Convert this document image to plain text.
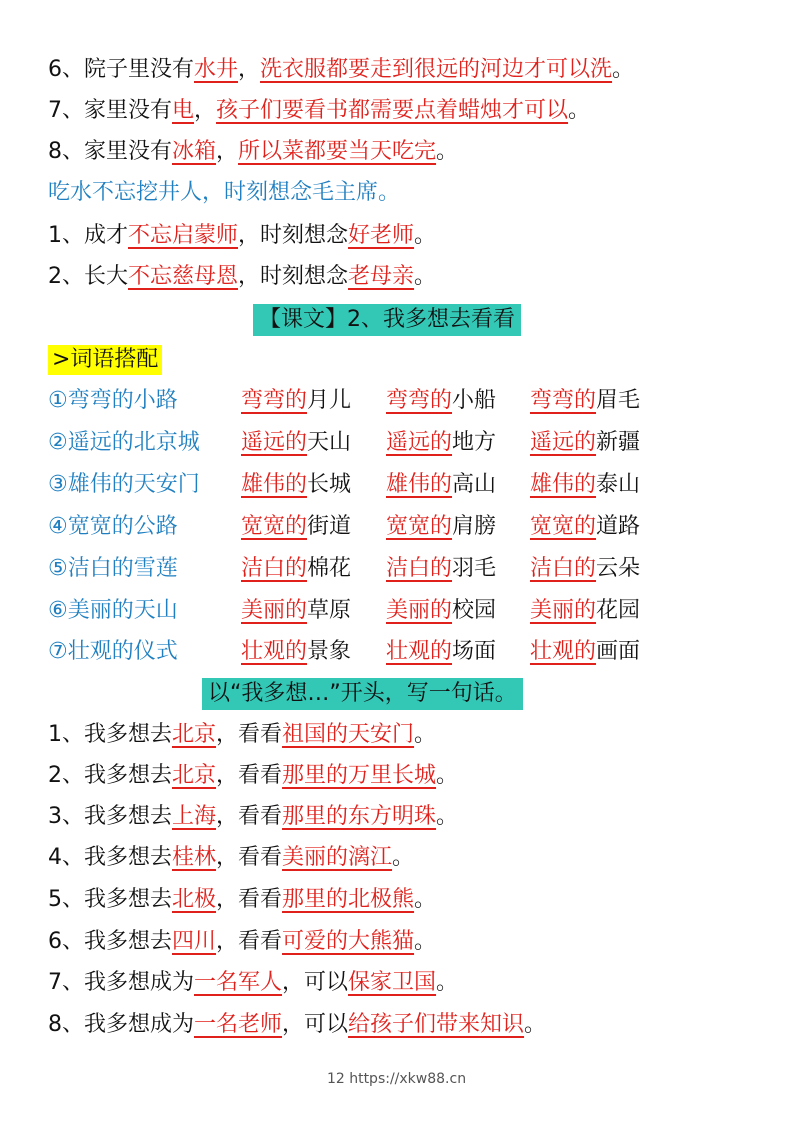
6、院子里没有水井，洗衣服都要走到很远的河边才可以洗。
7、家里没有电，孩子们要看书都需要点着蜡烛才可以。
8、家里没有冰箱，所以菜都要当天吃完。
吃水不忘挖井人，时刻想念毛主席。
1、成才不忘启蒙师，时刻想念好老师。
2、长大不忘慈母恩，时刻想念老母亲。
【课文】2、我多想去看看
>词语搭配
①弯弯的小路	弯弯的月儿 弯弯的小船 弯弯的眉毛
②遥远的北京城 遥远的天山 遥远的地方 遥远的新疆
③雄伟的天安门 雄伟的长城 雄伟的高山 雄伟的泰山
④宽宽的公路	宽宽的街道 宽宽的肩膀 宽宽的道路
⑤洁白的雪莲	洁白的棉花 洁白的羽毛 洁白的云朵
⑥美丽的天山	美丽的草原 美丽的校园 美丽的花园
⑦壮观的仪式	壮观的景象 壮观的场面 壮观的画面
以“我多想…”开头，写一句话。
1、我多想去北京，看看祖国的天安门。
2、我多想去北京，看看那里的万里长城。
3、我多想去上海，看看那里的东方明珠。
4、我多想去桂林，看看美丽的漓江。
5、我多想去北极，看看那里的北极熊。
6、我多想去四川，看看可爱的大熊猫。
7、我多想成为一名军人，可以保家卫国。
8、我多想成为一名老师，可以给孩子们带来知识。
12 https://xkw88.cn
